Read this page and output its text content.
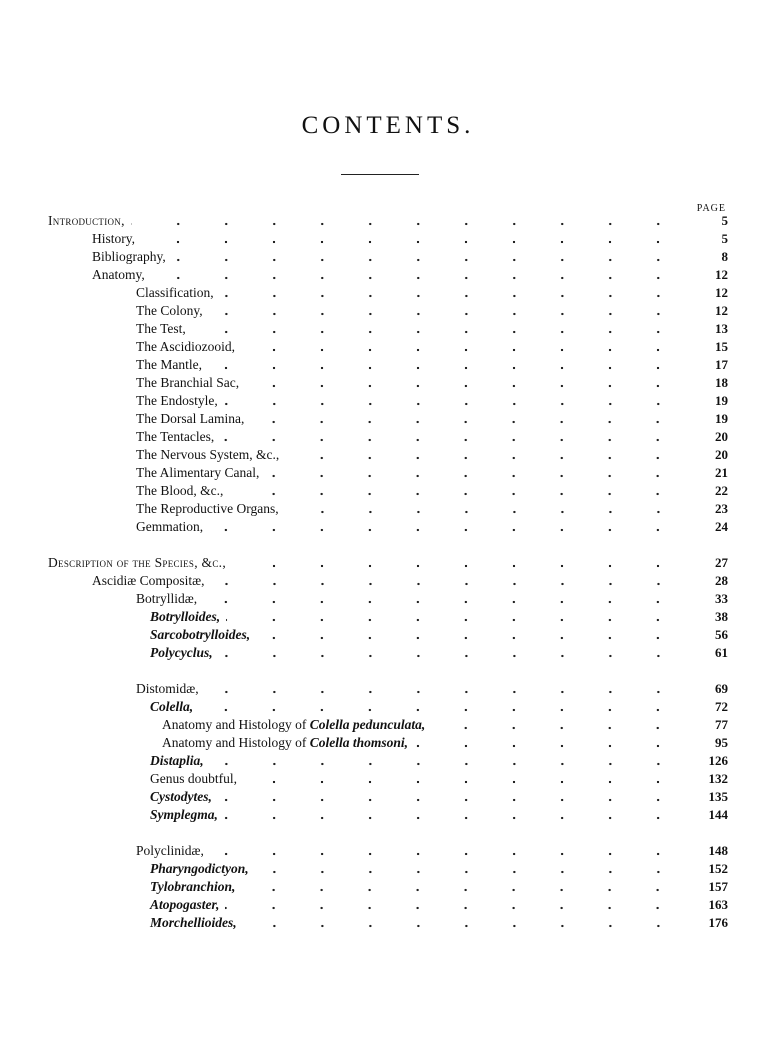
CONTENTS.
PAGE
Introduction,	5
History,	5
Bibliography,	8
Anatomy,	12
Classification,	12
The Colony,	12
The Test,	13
The Ascidiozooid,	15
The Mantle,	17
The Branchial Sac,	18
The Endostyle,	19
The Dorsal Lamina,	19
The Tentacles,	20
The Nervous System, &c.,	20
The Alimentary Canal,	21
The Blood, &c.,	22
The Reproductive Organs,	23
Gemmation,	24
Description of the Species, &c.,	27
Ascidiæ Compositæ,	28
Botryllidæ,	33
Botrylloides,	38
Sarcobotrylloides,	56
Polycyclus,	61
Distomidæ,	69
Colella,	72
Anatomy and Histology of Colella pedunculata,	77
Anatomy and Histology of Colella thomsoni,	95
Distaplia,	126
Genus doubtful,	132
Cystodytes,	135
Symplegma,	144
Polyclinidæ,	148
Pharyngodictyon,	152
Tylobranchion,	157
Atopogaster,	163
Morchellioides,	176
